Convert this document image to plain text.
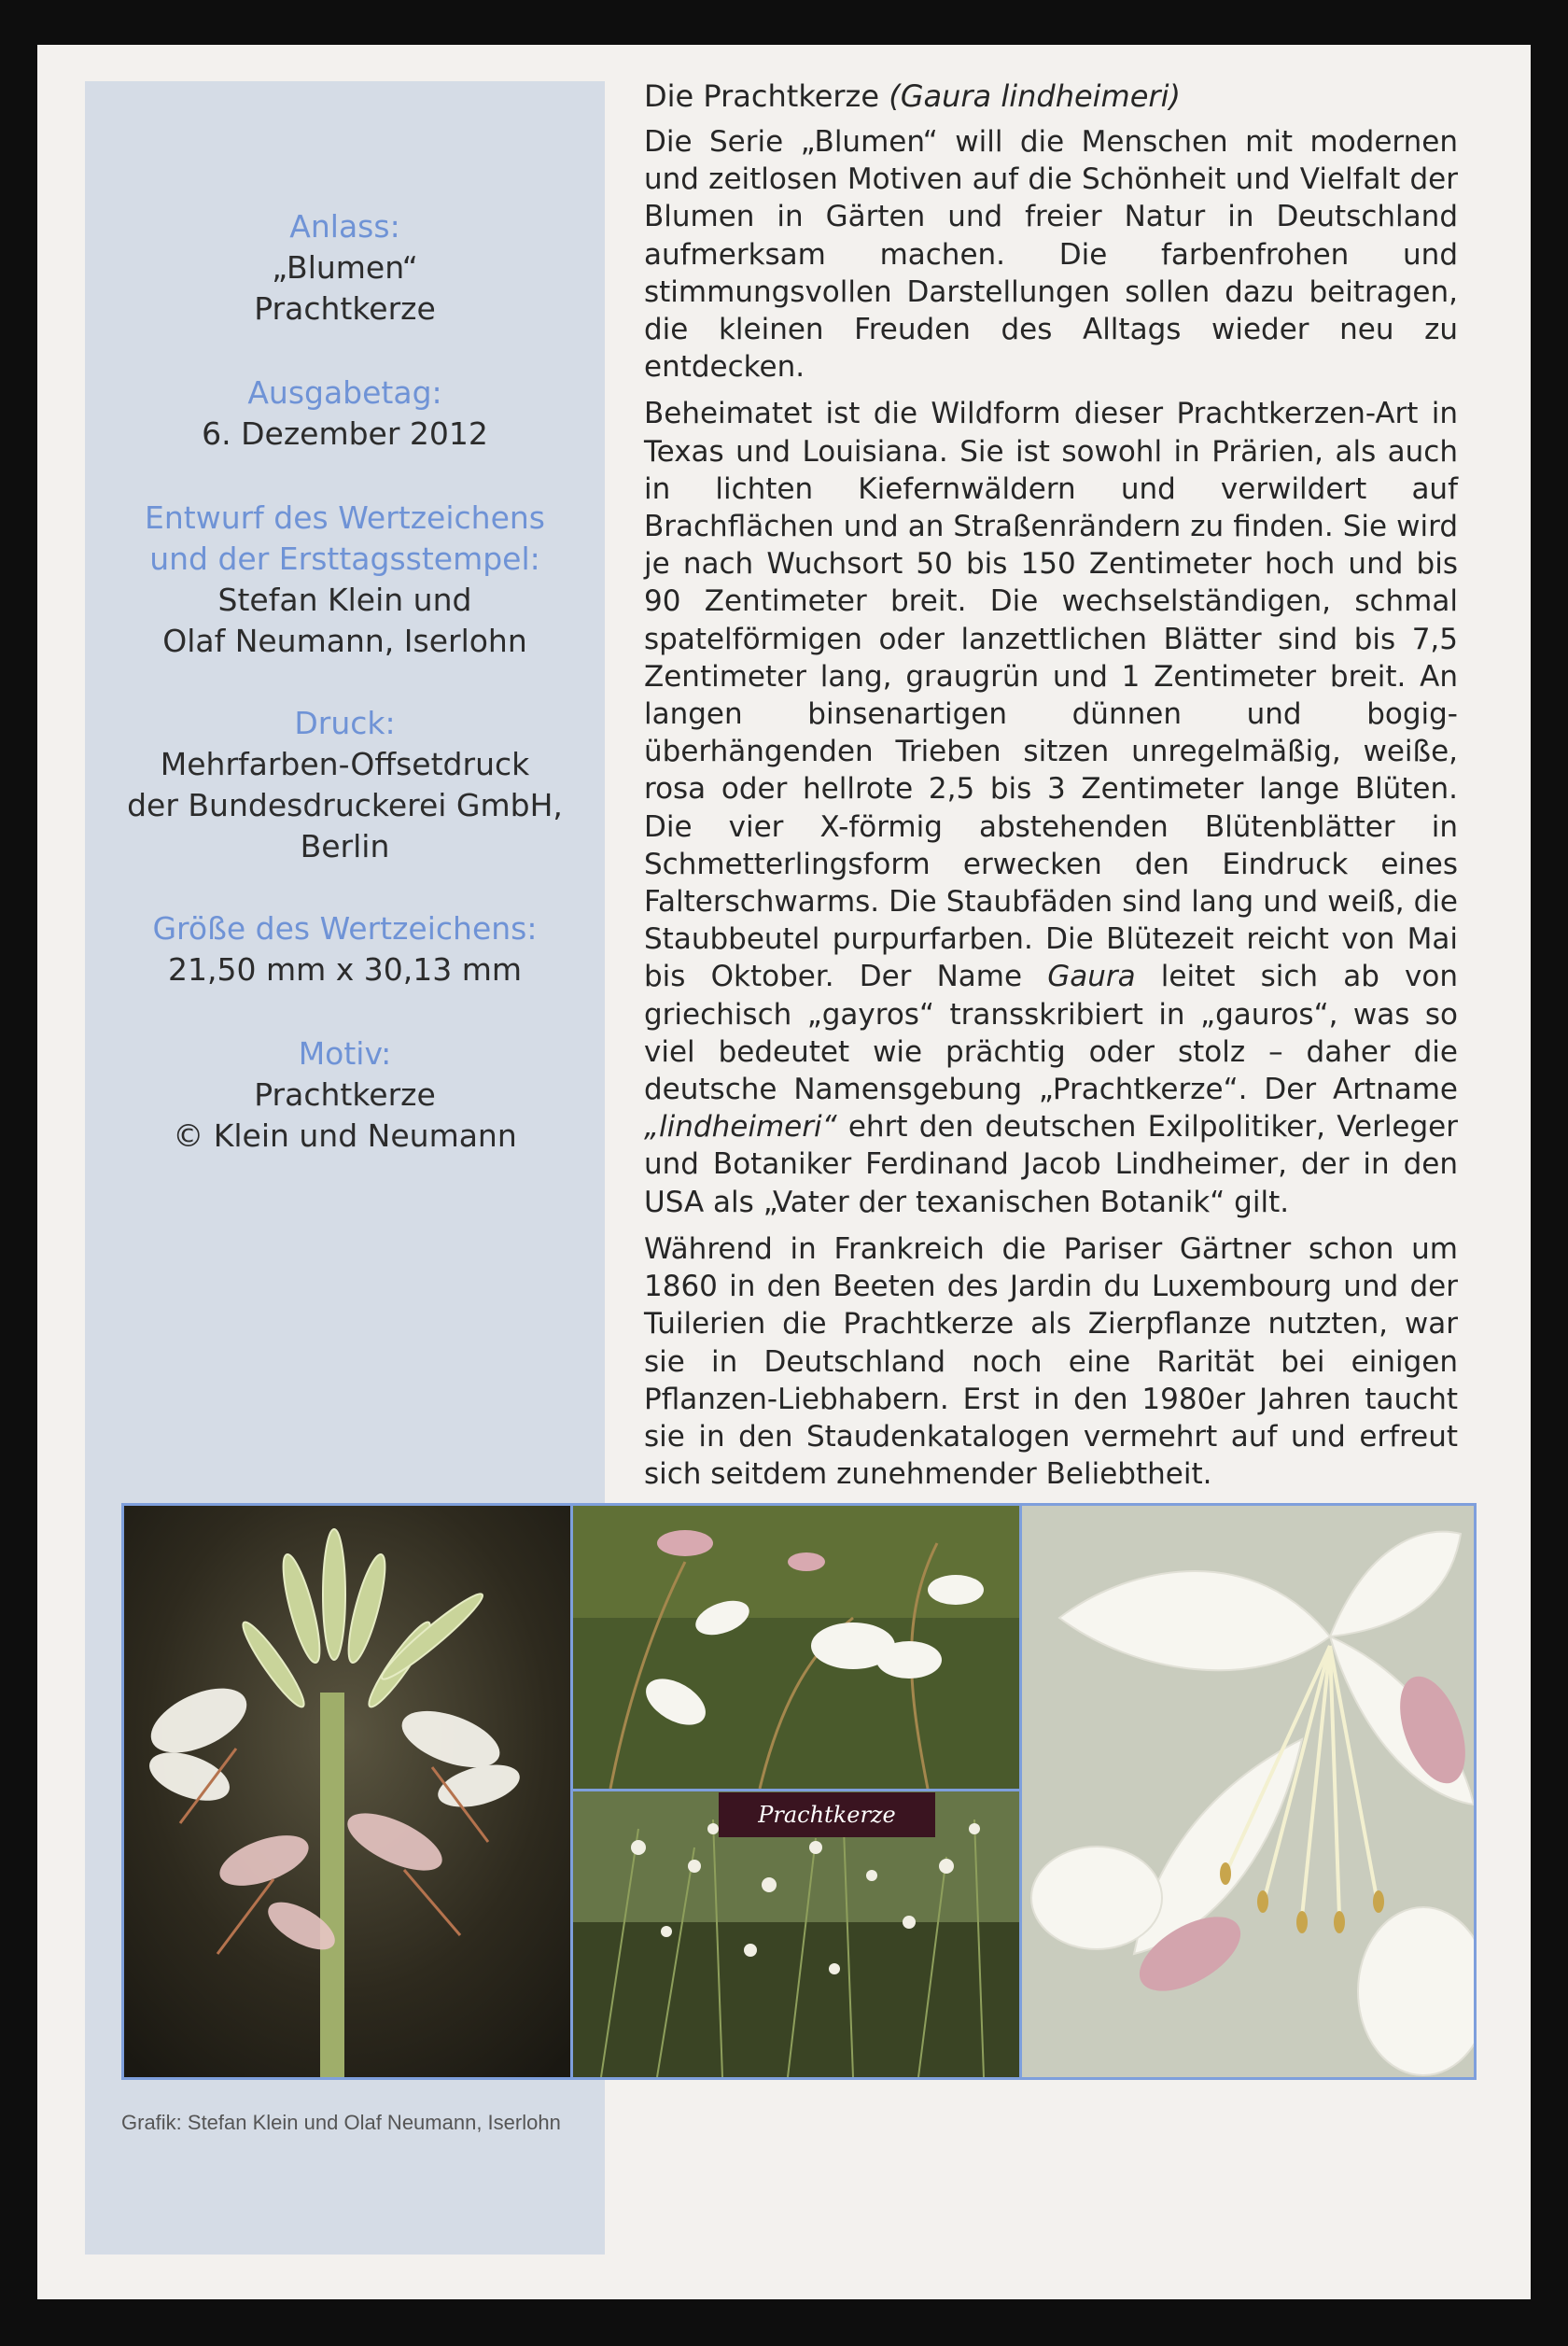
Anlass:
„Blumen“
Prachtkerze
Ausgabetag:
6. Dezember 2012
Entwurf des Wertzeichens
und der Ersttagsstempel:
Stefan Klein und
Olaf Neumann, Iserlohn
Druck:
Mehrfarben-Offsetdruck
der Bundesdruckerei GmbH,
Berlin
Größe des Wertzeichens:
21,50 mm x 30,13 mm
Motiv:
Prachtkerze
© Klein und Neumann
Die Prachtkerze (Gaura lindheimeri)

Die Serie „Blumen“ will die Menschen mit modernen und zeitlosen Motiven auf die Schönheit und Vielfalt der Blumen in Gärten und freier Natur in Deutschland aufmerksam machen. Die farbenfrohen und stimmungsvollen Darstellungen sollen dazu beitragen, die kleinen Freuden des Alltags wieder neu zu entdecken.

Beheimatet ist die Wildform dieser Prachtkerzen-Art in Texas und Louisiana. Sie ist sowohl in Prärien, als auch in lichten Kiefernwäldern und verwildert auf Brachflächen und an Straßenrändern zu finden. Sie wird je nach Wuchsort 50 bis 150 Zentimeter hoch und bis 90 Zentimeter breit. Die wechselständigen, schmal spatelförmigen oder lanzettlichen Blätter sind bis 7,5 Zentimeter lang, graugrün und 1 Zentimeter breit. An langen binsenartigen dünnen und bogig-überhängenden Trieben sitzen unregelmäßig, weiße, rosa oder hellrote 2,5 bis 3 Zentimeter lange Blüten. Die vier X-förmig abstehenden Blütenblätter in Schmetterlingsform erwecken den Eindruck eines Falterschwarms. Die Staubfäden sind lang und weiß, die Staubbeutel purpurfarben. Die Blütezeit reicht von Mai bis Oktober. Der Name Gaura leitet sich ab von griechisch „gayros“ transskribiert in „gauros“, was so viel bedeutet wie prächtig oder stolz – daher die deutsche Namensgebung „Prachtkerze“. Der Artname „lindheimeri“ ehrt den deutschen Exilpolitiker, Verleger und Botaniker Ferdinand Jacob Lindheimer, der in den USA als „Vater der texanischen Botanik“ gilt.

Während in Frankreich die Pariser Gärtner schon um 1860 in den Beeten des Jardin du Luxembourg und der Tuilerien die Prachtkerze als Zierpflanze nutzten, war sie in Deutschland noch eine Rarität bei einigen Pflanzen-Liebhabern. Erst in den 1980er Jahren taucht sie in den Staudenkatalogen vermehrt auf und erfreut sich seitdem zunehmender Beliebtheit.

Prachtkerze
Grafik: Stefan Klein und Olaf Neumann, Iserlohn
